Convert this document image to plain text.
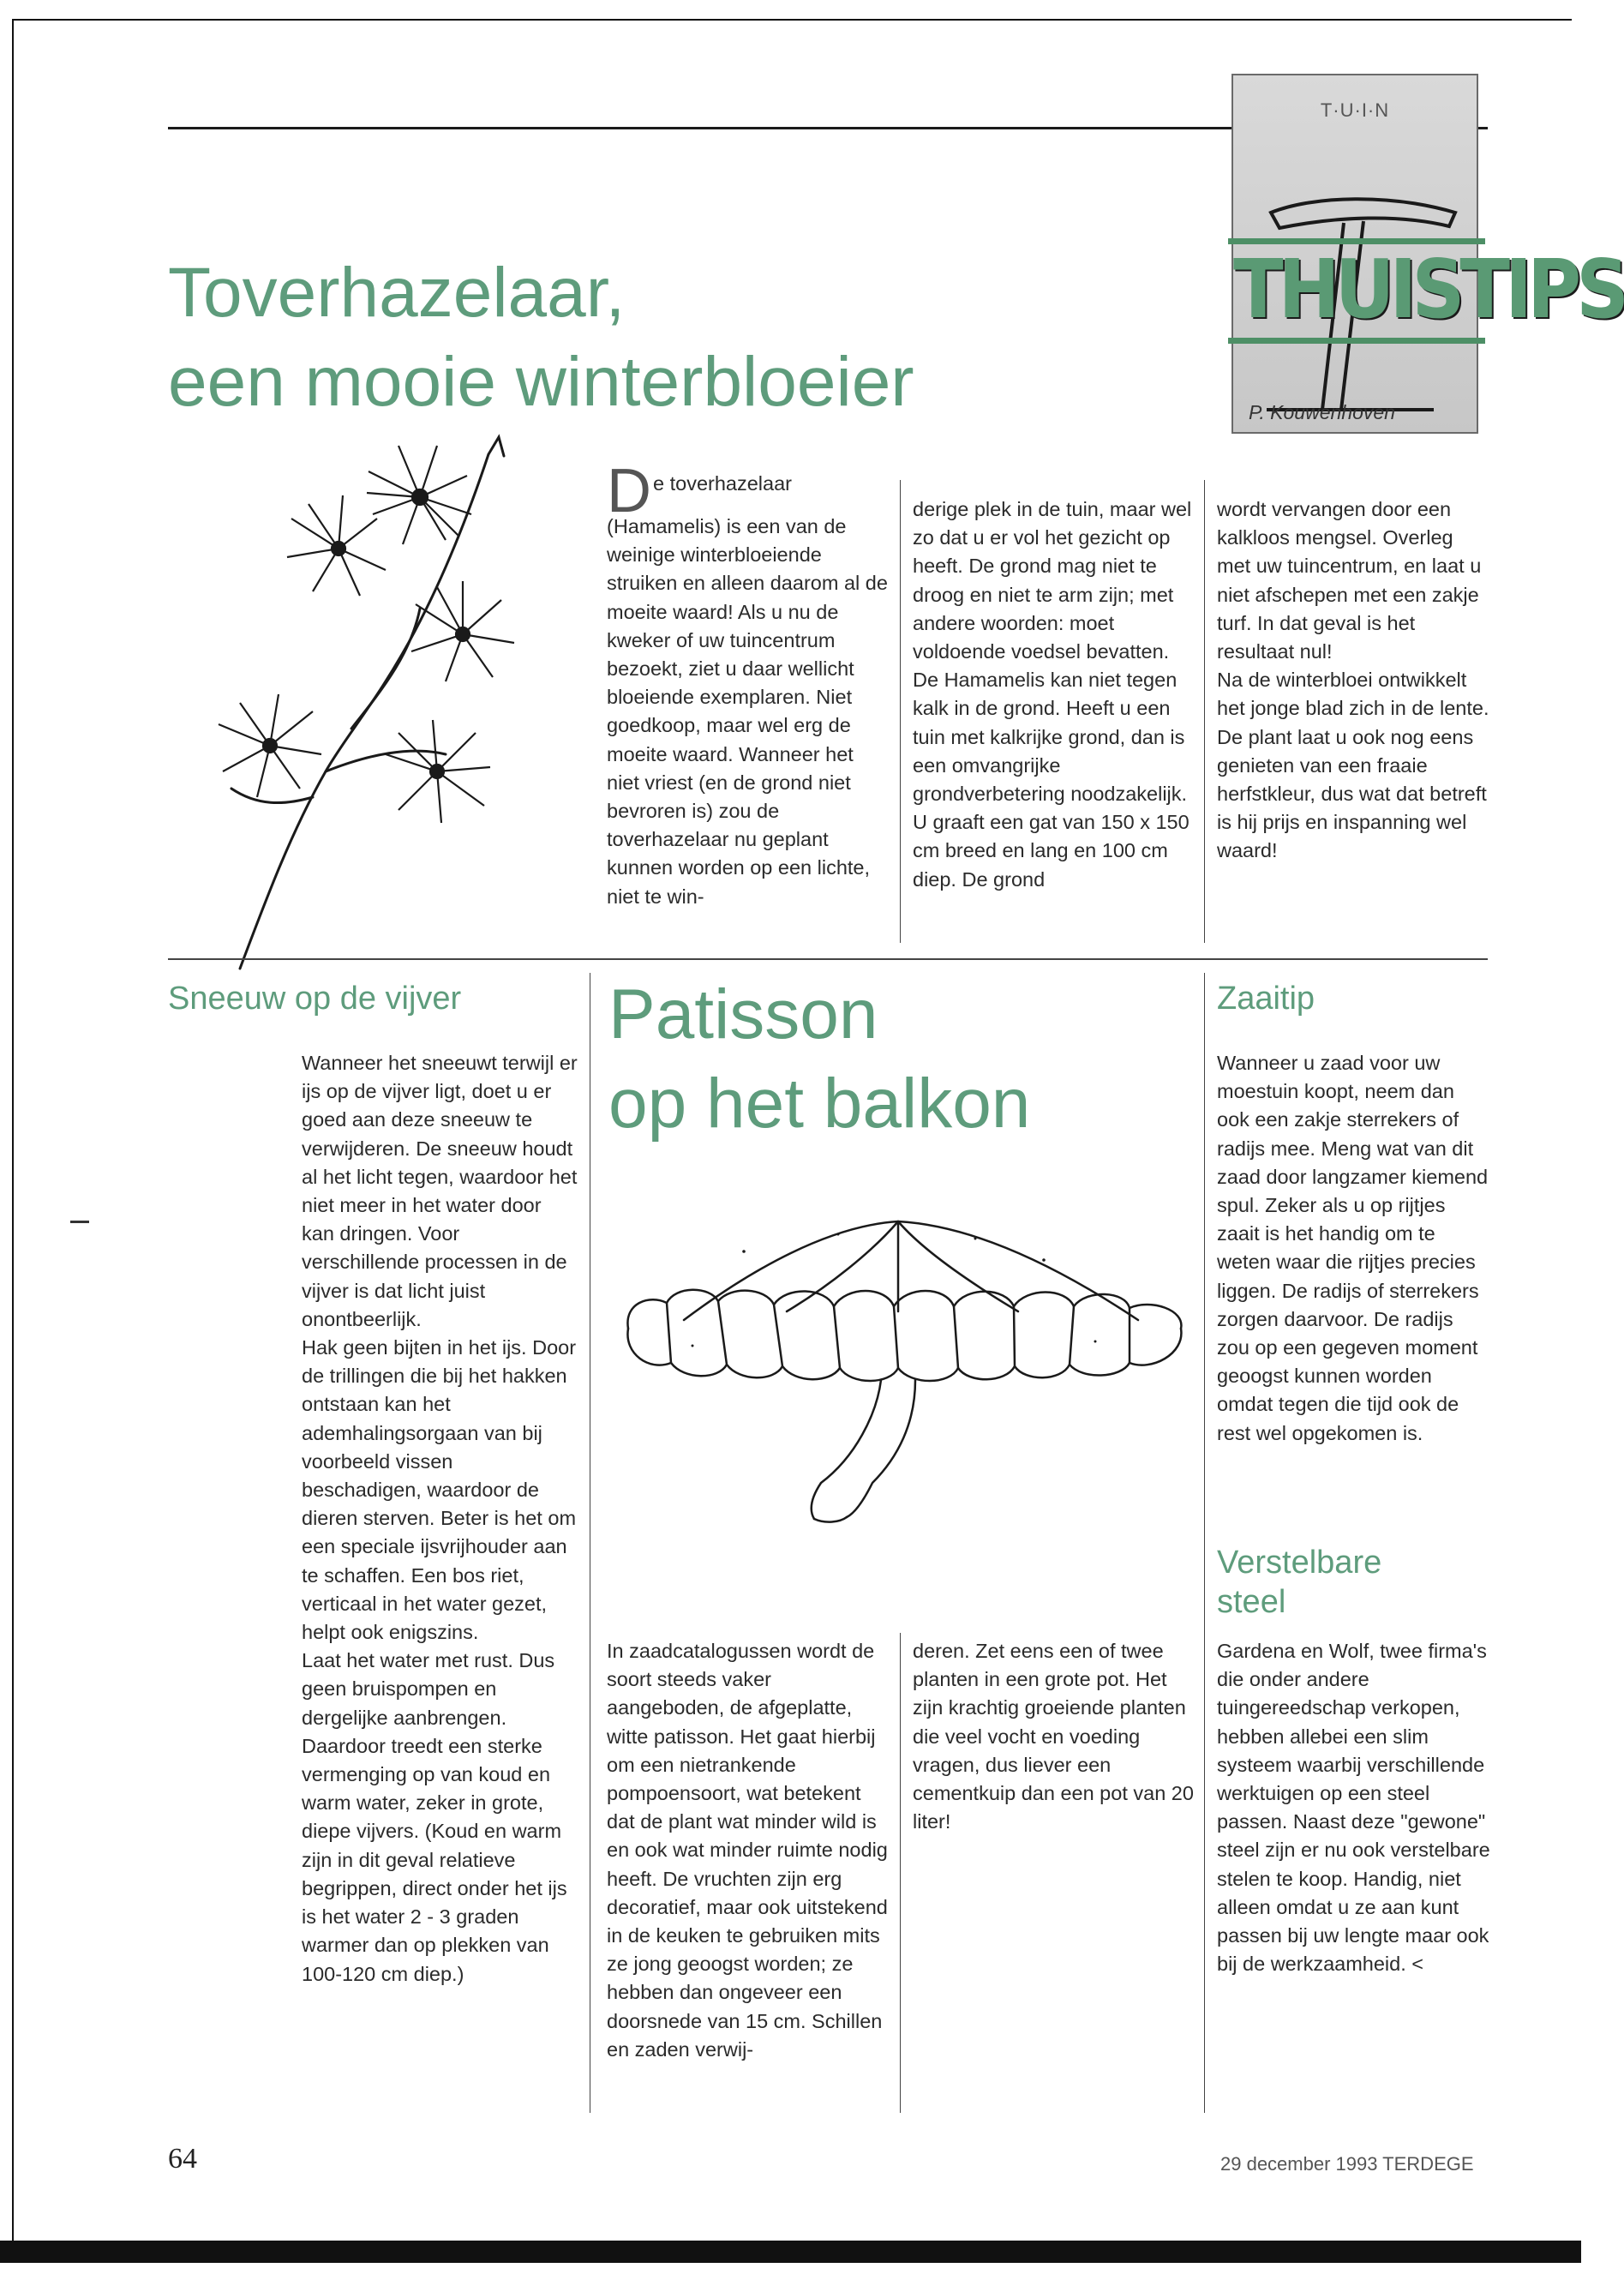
T·U·I·N
THUISTIPS
P. Kouwenhoven
Toverhazelaar,
een mooie winterbloeier

De toverhazelaar (Hamamelis) is een van de weinige winterbloeiende struiken en alleen daarom al de moeite waard! Als u nu de kweker of uw tuincentrum bezoekt, ziet u daar wellicht bloeiende exemplaren. Niet goedkoop, maar wel erg de moeite waard. Wanneer het niet vriest (en de grond niet bevroren is) zou de toverhazelaar nu geplant kunnen worden op een lichte, niet te win-

derige plek in de tuin, maar wel zo dat u er vol het gezicht op heeft. De grond mag niet te droog en niet te arm zijn; met andere woorden: moet voldoende voedsel bevatten. De Hamamelis kan niet tegen kalk in de grond. Heeft u een tuin met kalkrijke grond, dan is een omvangrijke grondverbetering noodzakelijk. U graaft een gat van 150 x 150 cm breed en lang en 100 cm diep. De grond

wordt vervangen door een kalkloos mengsel. Overleg met uw tuincentrum, en laat u niet afschepen met een zakje turf. In dat geval is het resultaat nul!

Na de winterbloei ontwikkelt het jonge blad zich in de lente. De plant laat u ook nog eens genieten van een fraaie herfstkleur, dus wat dat betreft is hij prijs en inspanning wel waard!

Sneeuw op de vijver

Wanneer het sneeuwt terwijl er ijs op de vijver ligt, doet u er goed aan deze sneeuw te verwijderen. De sneeuw houdt al het licht tegen, waardoor het niet meer in het water door kan dringen. Voor verschillende processen in de vijver is dat licht juist onontbeerlijk.

Hak geen bijten in het ijs. Door de trillingen die bij het hakken ontstaan kan het ademhalingsorgaan van bij voorbeeld vissen beschadigen, waardoor de dieren sterven. Beter is het om een speciale ijsvrijhouder aan te schaffen. Een bos riet, verticaal in het water gezet, helpt ook enigszins.

Laat het water met rust. Dus geen bruispompen en dergelijke aanbrengen. Daardoor treedt een sterke vermenging op van koud en warm water, zeker in grote, diepe vijvers. (Koud en warm zijn in dit geval relatieve begrippen, direct onder het ijs is het water 2 - 3 graden warmer dan op plekken van 100-120 cm diep.)

Patisson
op het balkon

In zaadcatalogussen wordt de soort steeds vaker aangeboden, de afgeplatte, witte patisson. Het gaat hierbij om een nietrankende pompoensoort, wat betekent dat de plant wat minder wild is en ook wat minder ruimte nodig heeft. De vruchten zijn erg decoratief, maar ook uitstekend in de keuken te gebruiken mits ze jong geoogst worden; ze hebben dan ongeveer een doorsnede van 15 cm. Schillen en zaden verwij-

deren. Zet eens een of twee planten in een grote pot. Het zijn krachtig groeiende planten die veel vocht en voeding vragen, dus liever een cementkuip dan een pot van 20 liter!

Zaaitip

Wanneer u zaad voor uw moestuin koopt, neem dan ook een zakje sterrekers of radijs mee. Meng wat van dit zaad door langzamer kiemend spul. Zeker als u op rijtjes zaait is het handig om te weten waar die rijtjes precies liggen. De radijs of sterrekers zorgen daarvoor. De radijs zou op een gegeven moment geoogst kunnen worden omdat tegen die tijd ook de rest wel opgekomen is.

Verstelbare steel

Gardena en Wolf, twee firma's die onder andere tuingereedschap verkopen, hebben allebei een slim systeem waarbij verschillende werktuigen op een steel passen. Naast deze "gewone" steel zijn er nu ook verstelbare stelen te koop. Handig, niet alleen omdat u ze aan kunt passen bij uw lengte maar ook bij de werkzaamheid. <

64	29 december 1993 TERDEGE
